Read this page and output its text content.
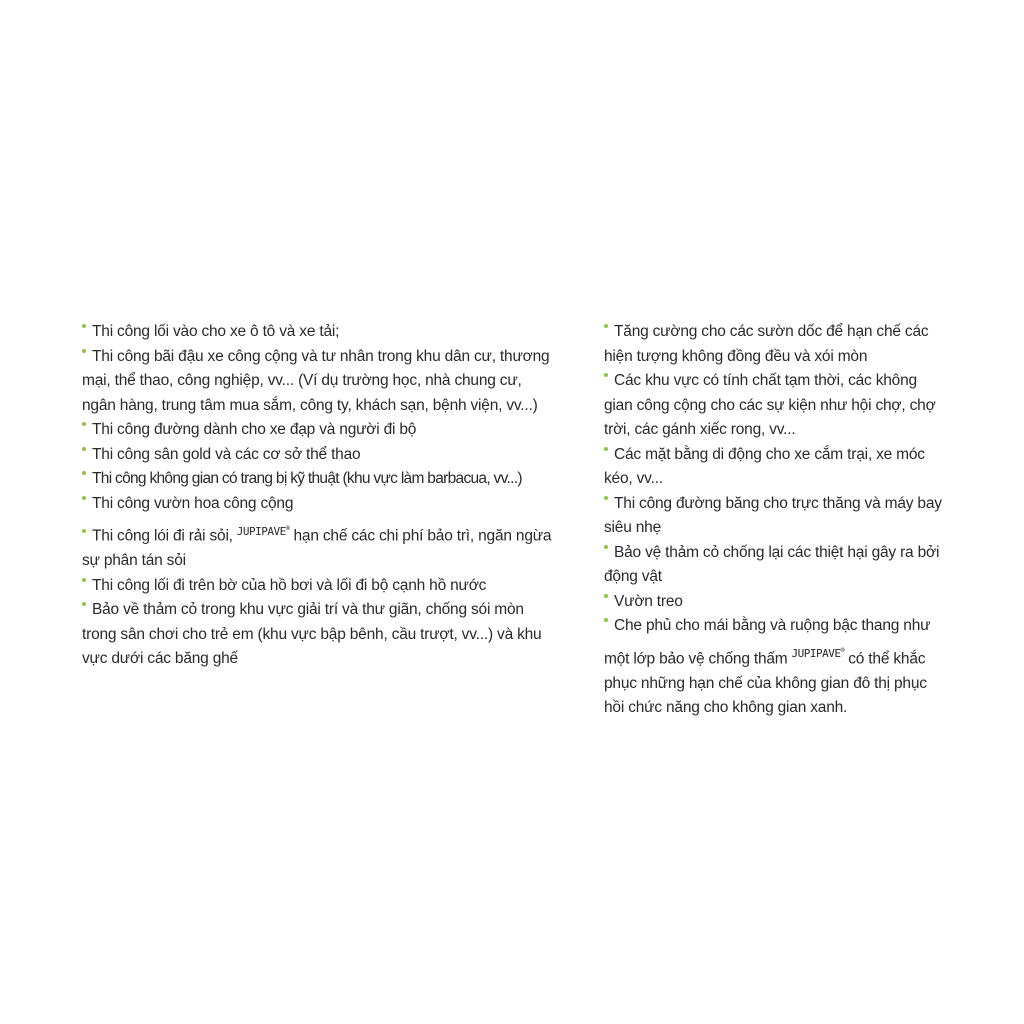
Thi công lối vào cho xe ô tô và xe tải;

Thi công bãi đậu xe công cộng và tư nhân trong khu dân cư, thương mại, thể thao, công nghiệp, vv... (Ví dụ trường học, nhà chung cư, ngân hàng, trung tâm mua sắm, công ty, khách sạn, bệnh viện, vv...)

Thi công đường dành cho xe đạp và người đi bộ

Thi công sân gold và các cơ sở thể thao

Thi công không gian có trang bị kỹ thuật (khu vực làm barbacua, vv...)

Thi công vườn hoa công cộng

Thi công lói đi rải sỏi, $^{JUPIPAVE^®}$ hạn chế các chi phí bảo trì, ngăn ngừa sự phân tán sỏi

Thi công lối đi trên bờ của hồ bơi và lối đi bộ cạnh hồ nước

Bảo về thảm cỏ trong khu vực giải trí và thư giãn, chống sói mòn trong sân chơi cho trẻ em (khu vực bập bênh, cầu trượt, vv...) và khu vực dưới các băng ghế

Tăng cường cho các sườn dốc để hạn chế các hiện tượng không đồng đều và xói mòn

Các khu vực có tính chất tạm thời, các không gian công cộng cho các sự kiện như hội chợ, chợ trời, các gánh xiếc rong, vv...

Các mặt bằng di động cho xe cắm trại, xe móc kéo, vv...

Thi công đường băng cho trực thăng và máy bay siêu nhẹ

Bảo vệ thảm cỏ chống lại các thiệt hại gây ra bởi động vật

Vườn treo

Che phủ cho mái bằng và ruộng bậc thang như một lớp bảo vệ chống thấm $^{JUPIPAVE^®}$ có thể khắc phục những hạn chế của không gian đô thị phục hồi chức năng cho không gian xanh.
